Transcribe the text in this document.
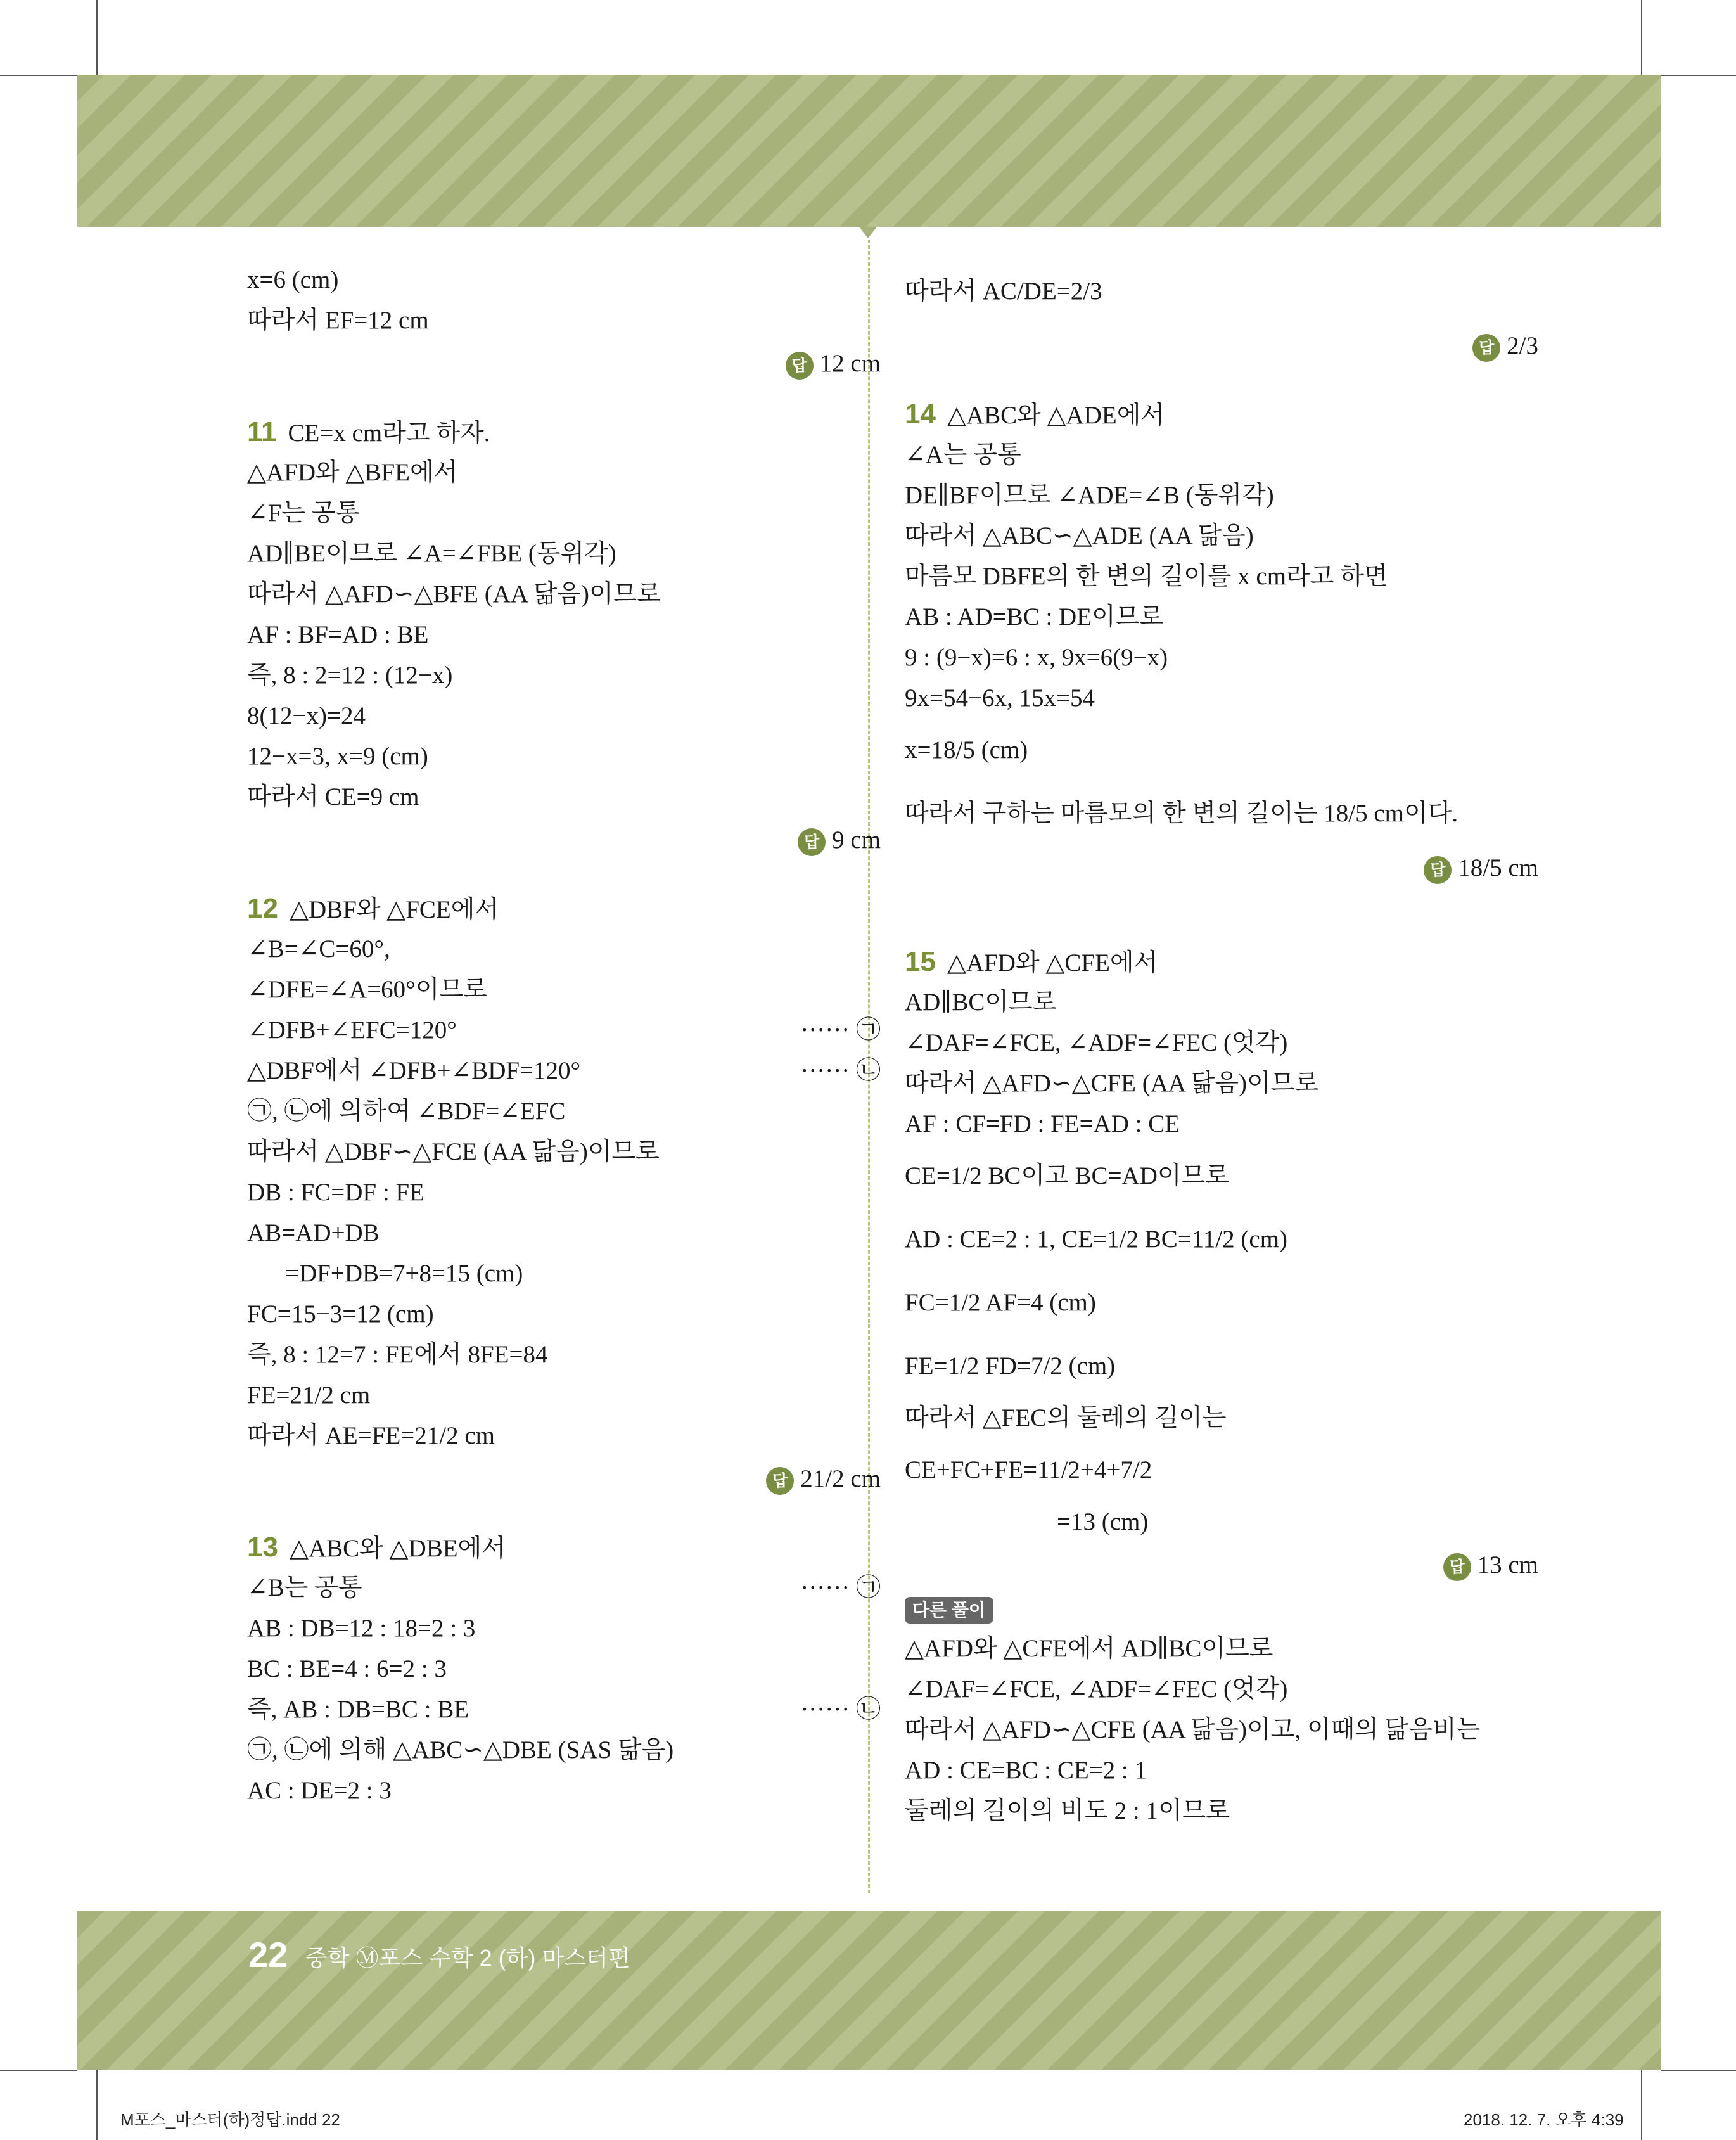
x=6 (cm)
따라서 EF=12 cm
답 12 cm
11 CE=x cm라고 하자.
△AFD와 △BFE에서
∠F는 공통
AD∥BE이므로 ∠A=∠FBE (동위각)
따라서 △AFD∽△BFE (AA 닮음)이므로
AF : BF=AD : BE
즉, 8 : 2=12 : (12−x)
8(12−x)=24
12−x=3, x=9 (cm)
따라서 CE=9 cm
답 9 cm
12 △DBF와 △FCE에서
∠B=∠C=60°,
∠DFE=∠A=60°이므로
∠DFB+∠EFC=120°	······ ㉠
△DBF에서 ∠DFB+∠BDF=120°	······ ㉡
㉠, ㉡에 의하여 ∠BDF=∠EFC
따라서 △DBF∽△FCE (AA 닮음)이므로
DB : FC=DF : FE
AB=AD+DB
=DF+DB=7+8=15 (cm)
FC=15−3=12 (cm)
즉, 8 : 12=7 : FE에서 8FE=84
FE=21/2 cm
따라서 AE=FE=21/2 cm
답 21/2 cm
13 △ABC와 △DBE에서
∠B는 공통	······ ㉠
AB : DB=12 : 18=2 : 3
BC : BE=4 : 6=2 : 3
즉, AB : DB=BC : BE	······ ㉡
㉠, ㉡에 의해 △ABC∽△DBE (SAS 닮음)
AC : DE=2 : 3
따라서 AC/DE=2/3
답 2/3
14 △ABC와 △ADE에서
∠A는 공통
DE∥BF이므로 ∠ADE=∠B (동위각)
따라서 △ABC∽△ADE (AA 닮음)
마름모 DBFE의 한 변의 길이를 x cm라고 하면
AB : AD=BC : DE이므로
9 : (9−x)=6 : x, 9x=6(9−x)
9x=54−6x, 15x=54
x=18/5 (cm)
따라서 구하는 마름모의 한 변의 길이는 18/5 cm이다.
답 18/5 cm
15 △AFD와 △CFE에서
AD∥BC이므로
∠DAF=∠FCE, ∠ADF=∠FEC (엇각)
따라서 △AFD∽△CFE (AA 닮음)이므로
AF : CF=FD : FE=AD : CE
CE=1/2 BC이고 BC=AD이므로
AD : CE=2 : 1, CE=1/2 BC=11/2 (cm)
FC=1/2 AF=4 (cm)
FE=1/2 FD=7/2 (cm)
따라서 △FEC의 둘레의 길이는
CE+FC+FE=11/2+4+7/2
=13 (cm)
답 13 cm
다른 풀이
△AFD와 △CFE에서 AD∥BC이므로
∠DAF=∠FCE, ∠ADF=∠FEC (엇각)
따라서 △AFD∽△CFE (AA 닮음)이고, 이때의 닮음비는
AD : CE=BC : CE=2 : 1
둘레의 길이의 비도 2 : 1이므로
22 중학 Ⓜ포스 수학 2 (하) 마스터편
M포스_마스터(하)정답.indd 22	2018. 12. 7. 오후 4:39
